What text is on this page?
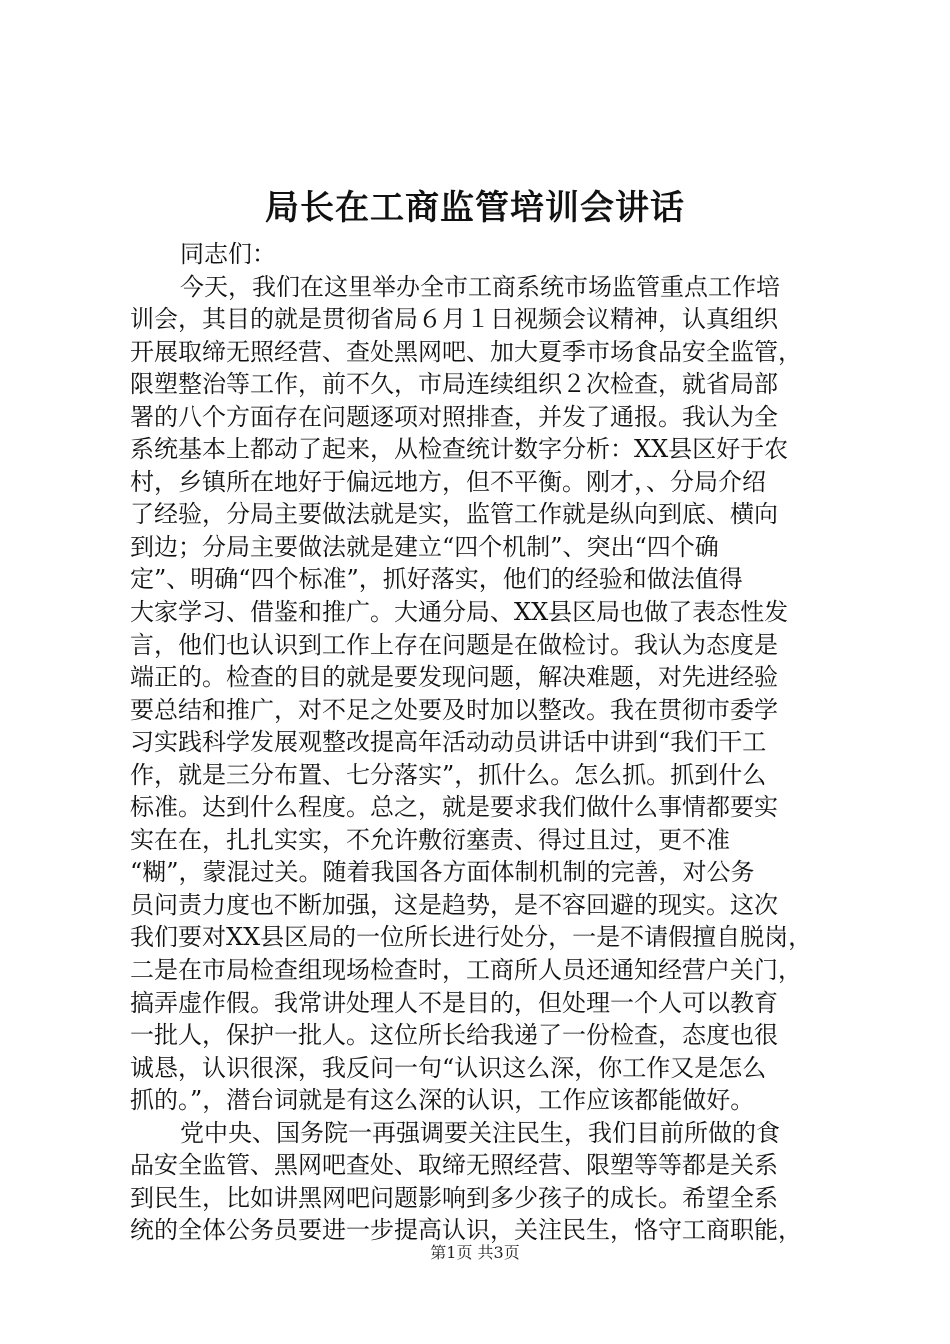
局长在工商监管培训会讲话
同志们：
今天，我们在这里举办全市工商系统市场监管重点工作培
训会，其目的就是贯彻省局６月１日视频会议精神，认真组织
开展取缔无照经营、查处黑网吧、加大夏季市场食品安全监管，
限塑整治等工作，前不久，市局连续组织２次检查，就省局部
署的八个方面存在问题逐项对照排查，并发了通报。我认为全
系统基本上都动了起来，从检查统计数字分析：XX县区好于农
村，乡镇所在地好于偏远地方，但不平衡。刚才，、分局介绍
了经验，分局主要做法就是实，监管工作就是纵向到底、横向
到边；分局主要做法就是建立“四个机制”、突出“四个确
定”、明确“四个标准”，抓好落实，他们的经验和做法值得
大家学习、借鉴和推广。大通分局、XX县区局也做了表态性发
言，他们也认识到工作上存在问题是在做检讨。我认为态度是
端正的。检查的目的就是要发现问题，解决难题，对先进经验
要总结和推广，对不足之处要及时加以整改。我在贯彻市委学
习实践科学发展观整改提高年活动动员讲话中讲到“我们干工
作，就是三分布置、七分落实”，抓什么。怎么抓。抓到什么
标准。达到什么程度。总之，就是要求我们做什么事情都要实
实在在，扎扎实实，不允许敷衍塞责、得过且过，更不准
“糊”，蒙混过关。随着我国各方面体制机制的完善，对公务
员问责力度也不断加强，这是趋势，是不容回避的现实。这次
我们要对XX县区局的一位所长进行处分，一是不请假擅自脱岗，
二是在市局检查组现场检查时，工商所人员还通知经营户关门，
搞弄虚作假。我常讲处理人不是目的，但处理一个人可以教育
一批人，保护一批人。这位所长给我递了一份检查，态度也很
诚恳，认识很深，我反问一句“认识这么深，你工作又是怎么
抓的。”，潜台词就是有这么深的认识，工作应该都能做好。
党中央、国务院一再强调要关注民生，我们目前所做的食
品安全监管、黑网吧查处、取缔无照经营、限塑等等都是关系
到民生，比如讲黑网吧问题影响到多少孩子的成长。希望全系
统的全体公务员要进一步提高认识，关注民生，恪守工商职能，
第1页 共3页
